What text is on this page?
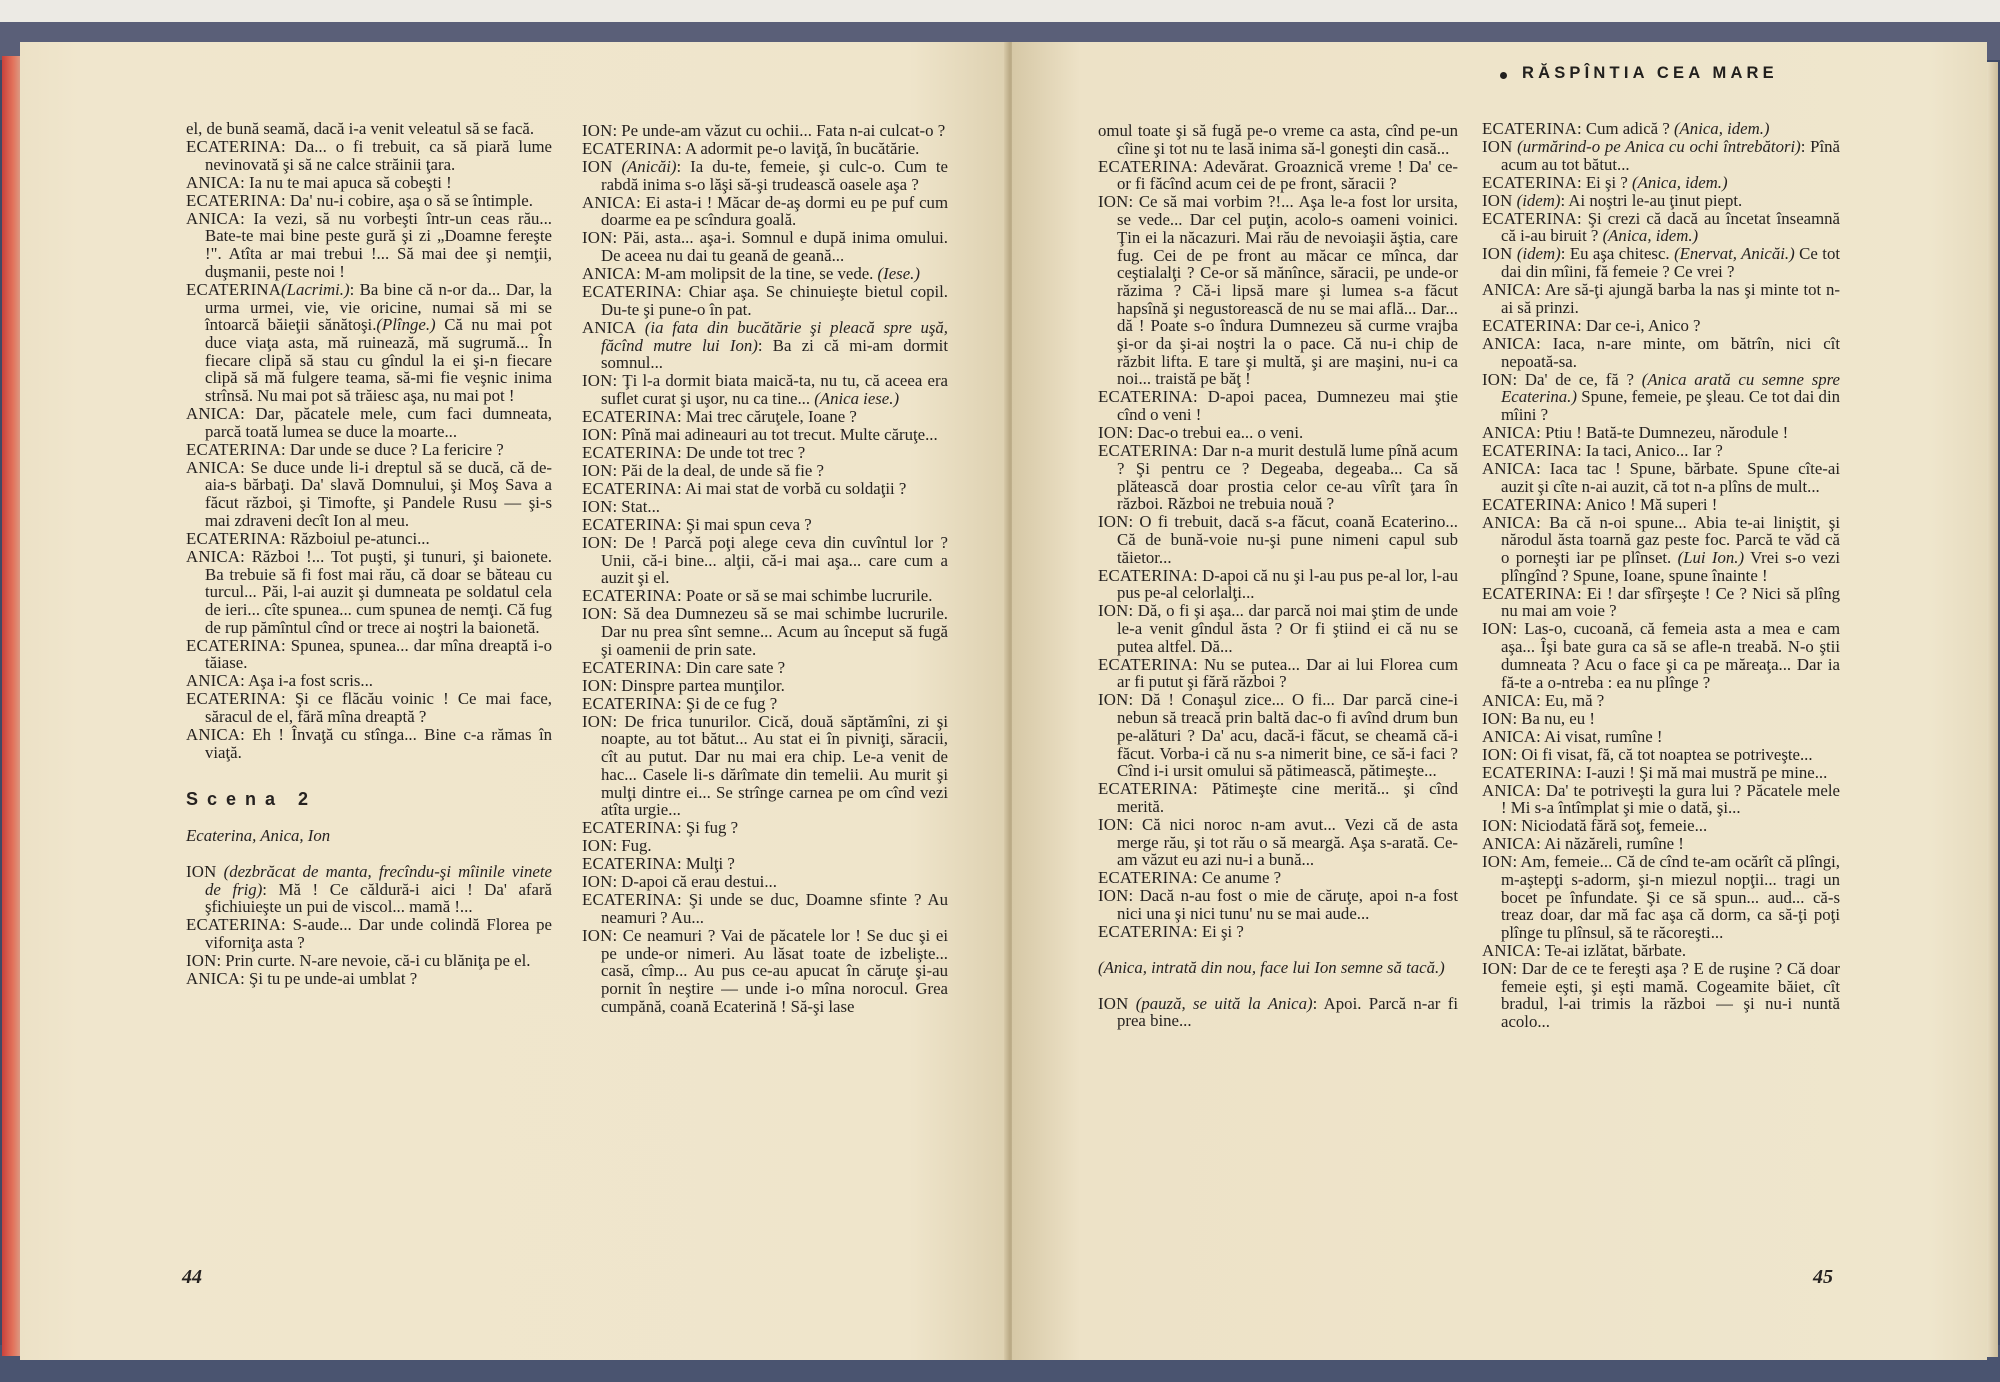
el, de bună seamă, dacă i-a venit veleatul să se facă.

ECATERINA: Da... o fi trebuit, ca să piară lume nevinovată şi să ne calce străinii ţara.

ANICA: Ia nu te mai apuca să cobeşti !

ECATERINA: Da' nu-i cobire, aşa o să se întimple.

ANICA: Ia vezi, să nu vorbeşti într-un ceas rău... Bate-te mai bine peste gură şi zi „Doamne fereşte !". Atîta ar mai trebui !... Să mai dee şi nemţii, duşmanii, peste noi !

ECATERINA(Lacrimi.): Ba bine că n-or da... Dar, la urma urmei, vie, vie oricine, numai să mi se întoarcă băieţii sănătoşi.(Plînge.) Că nu mai pot duce viaţa asta, mă ruinează, mă sugrumă... În fiecare clipă să stau cu gîndul la ei şi-n fiecare clipă să mă fulgere teama, să-mi fie veşnic inima strînsă. Nu mai pot să trăiesc aşa, nu mai pot !

ANICA: Dar, păcatele mele, cum faci dumneata, parcă toată lumea se duce la moarte...

ECATERINA: Dar unde se duce ? La fericire ?

ANICA: Se duce unde li-i dreptul să se ducă, că de-aia-s bărbaţi. Da' slavă Domnului, şi Moş Sava a făcut război, şi Timofte, şi Pandele Rusu — şi-s mai zdraveni decît Ion al meu.

ECATERINA: Războiul pe-atunci...

ANICA: Război !... Tot puşti, şi tunuri, şi baionete. Ba trebuie să fi fost mai rău, că doar se băteau cu turcul... Păi, l-ai auzit şi dumneata pe soldatul cela de ieri... cîte spunea... cum spunea de nemţi. Că fug de rup pămîntul cînd or trece ai noştri la baionetă.

ECATERINA: Spunea, spunea... dar mîna dreaptă i-o tăiase.

ANICA: Aşa i-a fost scris...

ECATERINA: Şi ce flăcău voinic ! Ce mai face, săracul de el, fără mîna dreaptă ?

ANICA: Eh ! Învaţă cu stînga... Bine c-a rămas în viaţă.

Scena 2

Ecaterina, Anica, Ion

ION (dezbrăcat de manta, frecîndu-şi mîinile vinete de frig): Mă ! Ce căldură-i aici ! Da' afară şfichiuieşte un pui de viscol... mamă !...

ECATERINA: S-aude... Dar unde colindă Florea pe viforniţa asta ?

ION: Prin curte. N-are nevoie, că-i cu blăniţa pe el.

ANICA: Şi tu pe unde-ai umblat ?

ION: Pe unde-am văzut cu ochii... Fata n-ai culcat-o ?

ECATERINA: A adormit pe-o laviţă, în bucătărie.

ION (Anicăi): Ia du-te, femeie, şi culc-o. Cum te rabdă inima s-o lăşi să-şi trudească oasele aşa ?

ANICA: Ei asta-i ! Măcar de-aş dormi eu pe puf cum doarme ea pe scîndura goală.

ION: Păi, asta... aşa-i. Somnul e după inima omului. De aceea nu dai tu geană de geană...

ANICA: M-am molipsit de la tine, se vede. (Iese.)

ECATERINA: Chiar aşa. Se chinuieşte bietul copil. Du-te şi pune-o în pat.

ANICA (ia fata din bucătărie şi pleacă spre uşă, făcînd mutre lui Ion): Ba zi că mi-am dormit somnul...

ION: Ţi l-a dormit biata maică-ta, nu tu, că aceea era suflet curat şi uşor, nu ca tine... (Anica iese.)

ECATERINA: Mai trec căruţele, Ioane ?

ION: Pînă mai adineauri au tot trecut. Multe căruţe...

ECATERINA: De unde tot trec ?

ION: Păi de la deal, de unde să fie ?

ECATERINA: Ai mai stat de vorbă cu soldaţii ?

ION: Stat...

ECATERINA: Şi mai spun ceva ?

ION: De ! Parcă poţi alege ceva din cuvîntul lor ? Unii, că-i bine... alţii, că-i mai aşa... care cum a auzit şi el.

ECATERINA: Poate or să se mai schimbe lucrurile.

ION: Să dea Dumnezeu să se mai schimbe lucrurile. Dar nu prea sînt semne... Acum au început să fugă şi oamenii de prin sate.

ECATERINA: Din care sate ?

ION: Dinspre partea munţilor.

ECATERINA: Şi de ce fug ?

ION: De frica tunurilor. Cică, două săptămîni, zi şi noapte, au tot bătut... Au stat ei în pivniţi, săracii, cît au putut. Dar nu mai era chip. Le-a venit de hac... Casele li-s dărîmate din temelii. Au murit şi mulţi dintre ei... Se strînge carnea pe om cînd vezi atîta urgie...

ECATERINA: Şi fug ?

ION: Fug.

ECATERINA: Mulţi ?

ION: D-apoi că erau destui...

ECATERINA: Şi unde se duc, Doamne sfinte ? Au neamuri ? Au...

ION: Ce neamuri ? Vai de păcatele lor ! Se duc şi ei pe unde-or nimeri. Au lăsat toate de izbelişte... casă, cîmp... Au pus ce-au apucat în căruţe şi-au pornit în neştire — unde i-o mîna norocul. Grea cumpănă, coană Ecaterină ! Să-şi lase

44
RĂSPÎNTIA CEA MARE

omul toate şi să fugă pe-o vreme ca asta, cînd pe-un cîine şi tot nu te lasă inima să-l goneşti din casă...

ECATERINA: Adevărat. Groaznică vreme ! Da' ce-or fi făcînd acum cei de pe front, săracii ?

ION: Ce să mai vorbim ?!... Aşa le-a fost lor ursita, se vede... Dar cel puţin, acolo-s oameni voinici. Ţin ei la năcazuri. Mai rău de nevoiaşii ăştia, care fug. Cei de pe front au măcar ce mînca, dar ceştialalţi ? Ce-or să mănînce, săracii, pe unde-or răzima ? Că-i lipsă mare şi lumea s-a făcut hapsînă şi negustorească de nu se mai află... Dar... dă ! Poate s-o îndura Dumnezeu să curme vrajba şi-or da şi-ai noştri la o pace. Că nu-i chip de răzbit lifta. E tare şi multă, şi are maşini, nu-i ca noi... traistă pe băţ !

ECATERINA: D-apoi pacea, Dumnezeu mai ştie cînd o veni !

ION: Dac-o trebui ea... o veni.

ECATERINA: Dar n-a murit destulă lume pînă acum ? Şi pentru ce ? Degeaba, degeaba... Ca să plătească doar prostia celor ce-au vîrît ţara în război. Război ne trebuia nouă ?

ION: O fi trebuit, dacă s-a făcut, coană Ecaterino... Că de bună-voie nu-şi pune nimeni capul sub tăietor...

ECATERINA: D-apoi că nu şi l-au pus pe-al lor, l-au pus pe-al celorlalţi...

ION: Dă, o fi şi aşa... dar parcă noi mai ştim de unde le-a venit gîndul ăsta ? Or fi ştiind ei că nu se putea altfel. Dă...

ECATERINA: Nu se putea... Dar ai lui Florea cum ar fi putut şi fără război ?

ION: Dă ! Conaşul zice... O fi... Dar parcă cine-i nebun să treacă prin baltă dac-o fi avînd drum bun pe-alături ? Da' acu, dacă-i făcut, se cheamă că-i făcut. Vorba-i că nu s-a nimerit bine, ce să-i faci ? Cînd i-i ursit omului să pătimească, pătimeşte...

ECATERINA: Pătimeşte cine merită... şi cînd merită.

ION: Că nici noroc n-am avut... Vezi că de asta merge rău, şi tot rău o să meargă. Aşa s-arată. Ce-am văzut eu azi nu-i a bună...

ECATERINA: Ce anume ?

ION: Dacă n-au fost o mie de căruţe, apoi n-a fost nici una şi nici tunu' nu se mai aude...

ECATERINA: Ei şi ?

(Anica, intrată din nou, face lui Ion semne să tacă.)

ION (pauză, se uită la Anica): Apoi. Parcă n-ar fi prea bine...

ECATERINA: Cum adică ? (Anica, idem.)

ION (urmărind-o pe Anica cu ochi întrebători): Pînă acum au tot bătut...

ECATERINA: Ei şi ? (Anica, idem.)

ION (idem): Ai noştri le-au ţinut piept.

ECATERINA: Şi crezi că dacă au încetat înseamnă că i-au biruit ? (Anica, idem.)

ION (idem): Eu aşa chitesc. (Enervat, Anicăi.) Ce tot dai din mîini, fă femeie ? Ce vrei ?

ANICA: Are să-ţi ajungă barba la nas şi minte tot n-ai să prinzi.

ECATERINA: Dar ce-i, Anico ?

ANICA: Iaca, n-are minte, om bătrîn, nici cît nepoată-sa.

ION: Da' de ce, fă ? (Anica arată cu semne spre Ecaterina.) Spune, femeie, pe şleau. Ce tot dai din mîini ?

ANICA: Ptiu ! Bată-te Dumnezeu, nărodule !

ECATERINA: Ia taci, Anico... Iar ?

ANICA: Iaca tac ! Spune, bărbate. Spune cîte-ai auzit şi cîte n-ai auzit, că tot n-a plîns de mult...

ECATERINA: Anico ! Mă superi !

ANICA: Ba că n-oi spune... Abia te-ai liniştit, şi nărodul ăsta toarnă gaz peste foc. Parcă te văd că o porneşti iar pe plînset. (Lui Ion.) Vrei s-o vezi plîngînd ? Spune, Ioane, spune înainte !

ECATERINA: Ei ! dar sfîrşeşte ! Ce ? Nici să plîng nu mai am voie ?

ION: Las-o, cucoană, că femeia asta a mea e cam aşa... Îşi bate gura ca să se afle-n treabă. N-o ştii dumneata ? Acu o face şi ca pe măreaţa... Dar ia fă-te a o-ntreba : ea nu plînge ?

ANICA: Eu, mă ?

ION: Ba nu, eu !

ANICA: Ai visat, rumîne !

ION: Oi fi visat, fă, că tot noaptea se potriveşte...

ECATERINA: I-auzi ! Şi mă mai mustră pe mine...

ANICA: Da' te potriveşti la gura lui ? Păcatele mele ! Mi s-a întîmplat şi mie o dată, şi...

ION: Niciodată fără soţ, femeie...

ANICA: Ai năzăreli, rumîne !

ION: Am, femeie... Că de cînd te-am ocărît că plîngi, m-aştepţi s-adorm, şi-n miezul nopţii... tragi un bocet pe înfundate. Şi ce să spun... aud... că-s treaz doar, dar mă fac aşa că dorm, ca să-ţi poţi plînge tu plînsul, să te răcoreşti...

ANICA: Te-ai izlătat, bărbate.

ION: Dar de ce te fereşti aşa ? E de ruşine ? Că doar femeie eşti, şi eşti mamă. Cogeamite băiet, cît bradul, l-ai trimis la război — şi nu-i nuntă acolo...

45
